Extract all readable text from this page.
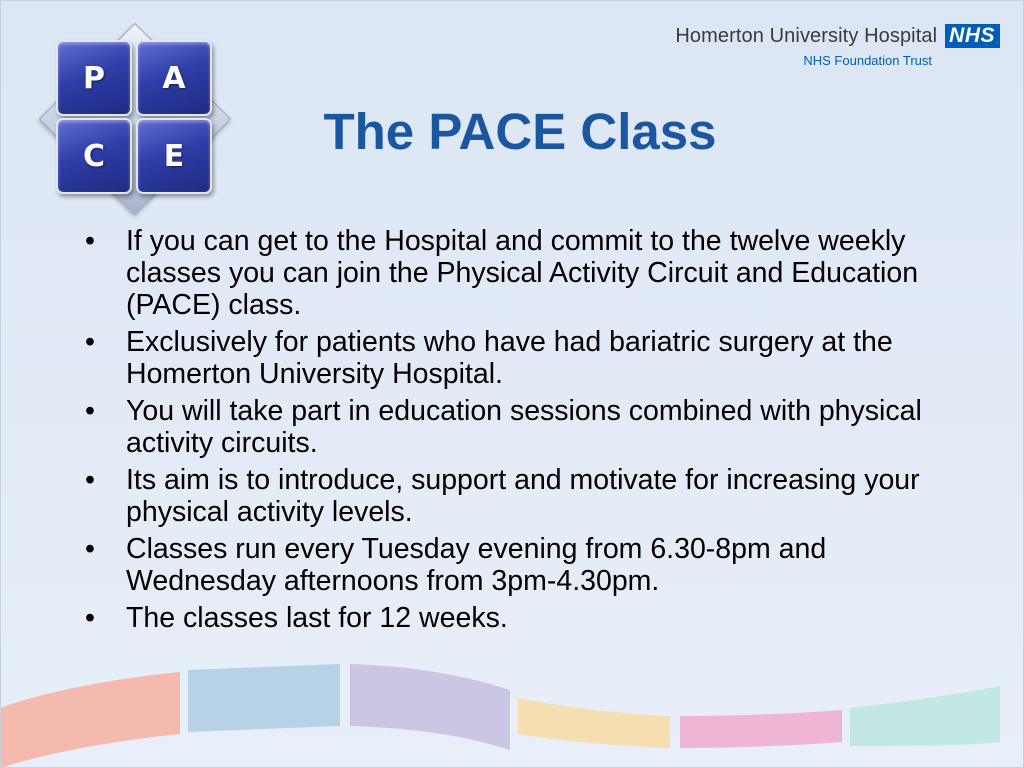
P	A
C	E
Homerton University Hospital NHS
NHS Foundation Trust
The PACE Class
• If you can get to the Hospital and commit to the twelve weekly classes you can join the Physical Activity Circuit and Education (PACE) class.
• Exclusively for patients who have had bariatric surgery at the Homerton University Hospital.
• You will take part in education sessions combined with physical activity circuits.
• Its aim is to introduce, support and motivate for increasing your physical activity levels.
• Classes run every Tuesday evening from 6.30-8pm and Wednesday afternoons from 3pm-4.30pm.
• The classes last for 12 weeks.
